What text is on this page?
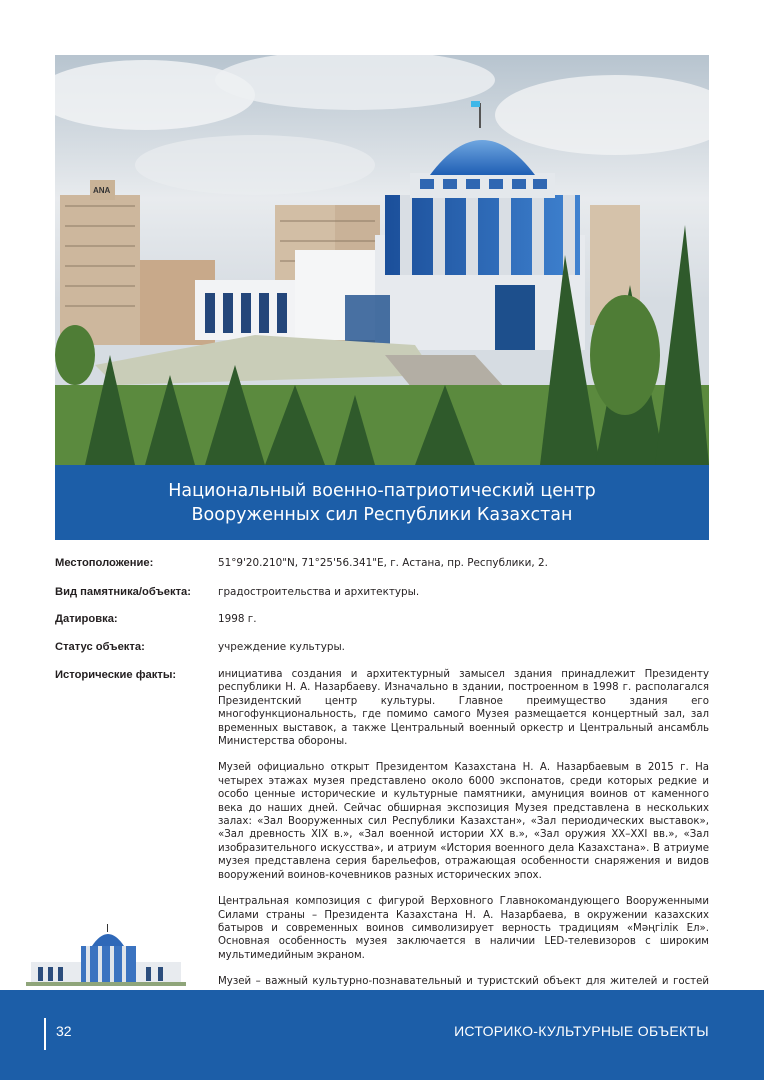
ANA
Национальный военно-патриотический центр
Вооруженных сил Республики Казахстан
Местоположение:	51°9'20.210"N, 71°25'56.341"E, г. Астана, пр. Республики, 2.
Вид памятника/объекта:	градостроительства и архитектуры.
Датировка:	1998 г.
Статус объекта:	учреждение культуры.
Исторические факты:	инициатива создания и архитектурный замысел здания принадлежит Президенту республики Н. А. Назарбаеву. Изначально в здании, построенном в 1998 г. располагался Президентский центр культуры. Главное преимущество здания его многофункциональность, где помимо самого Музея размещается концертный зал, зал временных выставок, а также Центральный военный оркестр и Центральный ансамбль Министерства обороны.

Музей официально открыт Президентом Казахстана Н. А. Назарбаевым в 2015 г. На четырех этажах музея представлено около 6000 экспонатов, среди которых редкие и особо ценные исторические и культурные памятники, амуниция воинов от каменного века до наших дней. Сейчас обширная экспозиция Музея представлена в нескольких залах: «Зал Вооруженных сил Республики Казахстан», «Зал периодических выставок», «Зал древность XIX в.», «Зал военной истории XX в.», «Зал оружия XX–XXI вв.», «Зал изобразительного искусства», и атриум «История военного дела Казахстана». В атриуме музея представлена серия барельефов, отражающая особенности снаряжения и видов вооружений воинов-кочевников разных исторических эпох.

Центральная композиция с фигурой Верховного Главнокомандующего Вооруженными Силами страны – Президента Казахстана Н. А. Назарбаева, в окружении казахских батыров и современных воинов символизирует верность традициям «Мәңгілік Ел». Основная особенность музея заключается в наличии LED-телевизоров с широким мультимедийным экраном.

Музей – важный культурно-познавательный и туристский объект для жителей и гостей

32	ИСТОРИКО-КУЛЬТУРНЫЕ ОБЪЕКТЫ
